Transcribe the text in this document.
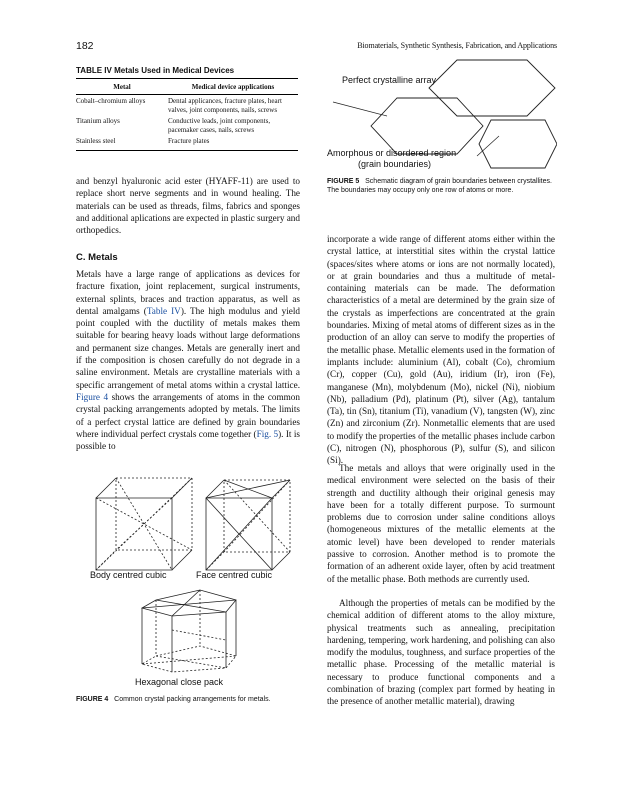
182	Biomaterials, Synthetic Synthesis, Fabrication, and Applications
TABLE IV Metals Used in Medical Devices
Metal	Medical device applications
Cobalt–chromium alloys	Dental applicances, fracture plates, heart valves, joint components, nails, screws
Titanium alloys	Conductive leads, joint components, pacemaker cases, nails, screws
Stainless steel	Fracture plates

and benzyl hyaluronic acid ester (HYAFF-11) are used to replace short nerve segments and in wound healing. The materials can be used as threads, films, fabrics and sponges and additional aplications are expected in plastic surgery and orthopedics.

C. Metals

Metals have a large range of applications as devices for fracture fixation, joint replacement, surgical instruments, external splints, braces and traction apparatus, as well as dental amalgams (Table IV). The high modulus and yield point coupled with the ductility of metals makes them suitable for bearing heavy loads without large deformations and permanent size changes. Metals are generally inert and if the composition is chosen carefully do not degrade in a saline environment. Metals are crystalline materials with a specific arrangement of metal atoms within a crystal lattice. Figure 4 shows the arrangements of atoms in the common crystal packing arrangements adopted by metals. The limits of a perfect crystal lattice are defined by grain boundaries where individual perfect crystals come together (Fig. 5). It is possible to

Body centred cubic	Face centred cubic
Hexagonal close pack
FIGURE 4 Common crystal packing arrangements for metals.
Perfect crystalline array
Amorphous or disordered region
(grain boundaries)
FIGURE 5 Schematic diagram of grain boundaries between crystallites. The boundaries may occupy only one row of atoms or more.

incorporate a wide range of different atoms either within the crystal lattice, at interstitial sites within the crystal lattice (spaces/sites where atoms or ions are not normally located), or at grain boundaries and thus a multitude of metal-containing materials can be made. The deformation characteristics of a metal are determined by the grain size of the crystals as imperfections are concentrated at the grain boundaries. Mixing of metal atoms of different sizes as in the production of an alloy can serve to modify the properties of the metallic phase. Metallic elements used in the formation of implants include: aluminium (Al), cobalt (Co), chromium (Cr), copper (Cu), gold (Au), iridium (Ir), iron (Fe), manganese (Mn), molybdenum (Mo), nickel (Ni), niobium (Nb), palladium (Pd), platinum (Pt), silver (Ag), tantalum (Ta), tin (Sn), titanium (Ti), vanadium (V), tangsten (W), zinc (Zn) and zirconium (Zr). Nonmetallic elements that are used to modify the properties of the metallic phases include carbon (C), nitrogen (N), phosphorous (P), sulfur (S), and silicon (Si).

The metals and alloys that were originally used in the medical environment were selected on the basis of their strength and ductility although their original genesis may have been for a totally different purpose. To surmount problems due to corrosion under saline conditions alloys (homogeneous mixtures of the metallic elements at the atomic level) have been developed to render materials passive to corrosion. Another method is to promote the formation of an adherent oxide layer, often by acid treatment of the metallic phase. Both methods are currently used.

Although the properties of metals can be modified by the chemical addition of different atoms to the alloy mixture, physical treatments such as annealing, precipitation hardening, tempering, work hardening, and polishing can also modify the modulus, toughness, and surface properties of the metallic phase. Processing of the metallic material is necessary to produce functional components and a combination of brazing (complex part formed by heating in the presence of another metallic material), drawing
